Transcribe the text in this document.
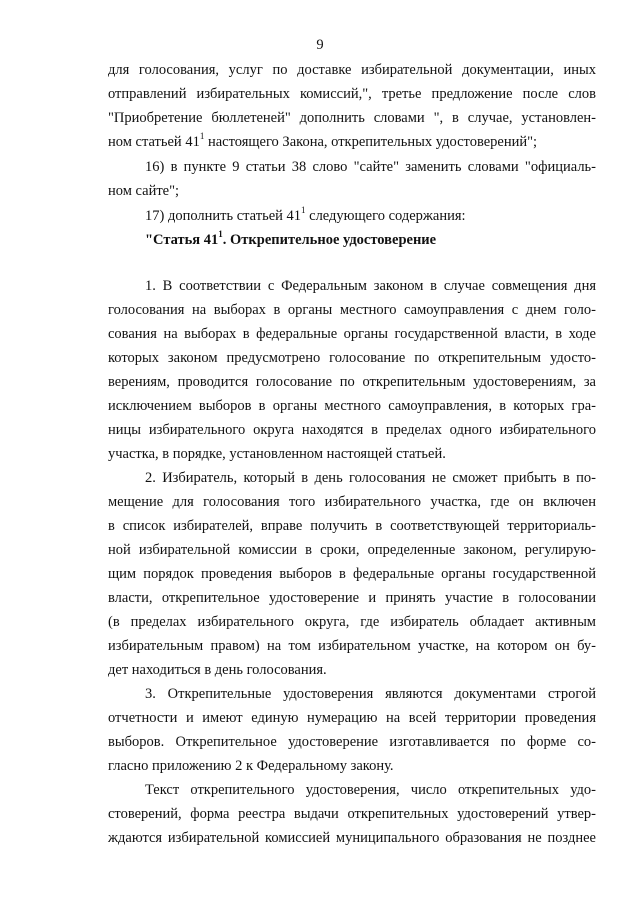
9
для голосования, услуг по доставке избирательной документации, иных
отправлений избирательных комиссий,", третье предложение после слов
"Приобретение бюллетеней" дополнить словами ", в случае, установлен-
ном статьей $41^1$ настоящего Закона, открепительных удостоверений";
16) в пункте 9 статьи 38 слово "сайте" заменить словами "официаль-
ном сайте";
17) дополнить статьей $41^1$ следующего содержания:
"Статья $41^1$. Открепительное удостоверение
1. В соответствии с Федеральным законом в случае совмещения дня
голосования на выборах в органы местного самоуправления с днем голо-
сования на выборах в федеральные органы государственной власти, в ходе
которых законом предусмотрено голосование по открепительным удосто-
верениям, проводится голосование по открепительным удостоверениям, за
исключением выборов в органы местного самоуправления, в которых гра-
ницы избирательного округа находятся в пределах одного избирательного
участка, в порядке, установленном настоящей статьей.
2. Избиратель, который в день голосования не сможет прибыть в по-
мещение для голосования того избирательного участка, где он включен
в список избирателей, вправе получить в соответствующей территориаль-
ной избирательной комиссии в сроки, определенные законом, регулирую-
щим порядок проведения выборов в федеральные органы государственной
власти, открепительное удостоверение и принять участие в голосовании
(в пределах избирательного округа, где избиратель обладает активным
избирательным правом) на том избирательном участке, на котором он бу-
дет находиться в день голосования.
3. Открепительные удостоверения являются документами строгой
отчетности и имеют единую нумерацию на всей территории проведения
выборов. Открепительное удостоверение изготавливается по форме со-
гласно приложению 2 к Федеральному закону.
Текст открепительного удостоверения, число открепительных удо-
стоверений, форма реестра выдачи открепительных удостоверений утвер-
ждаются избирательной комиссией муниципального образования не позднее
